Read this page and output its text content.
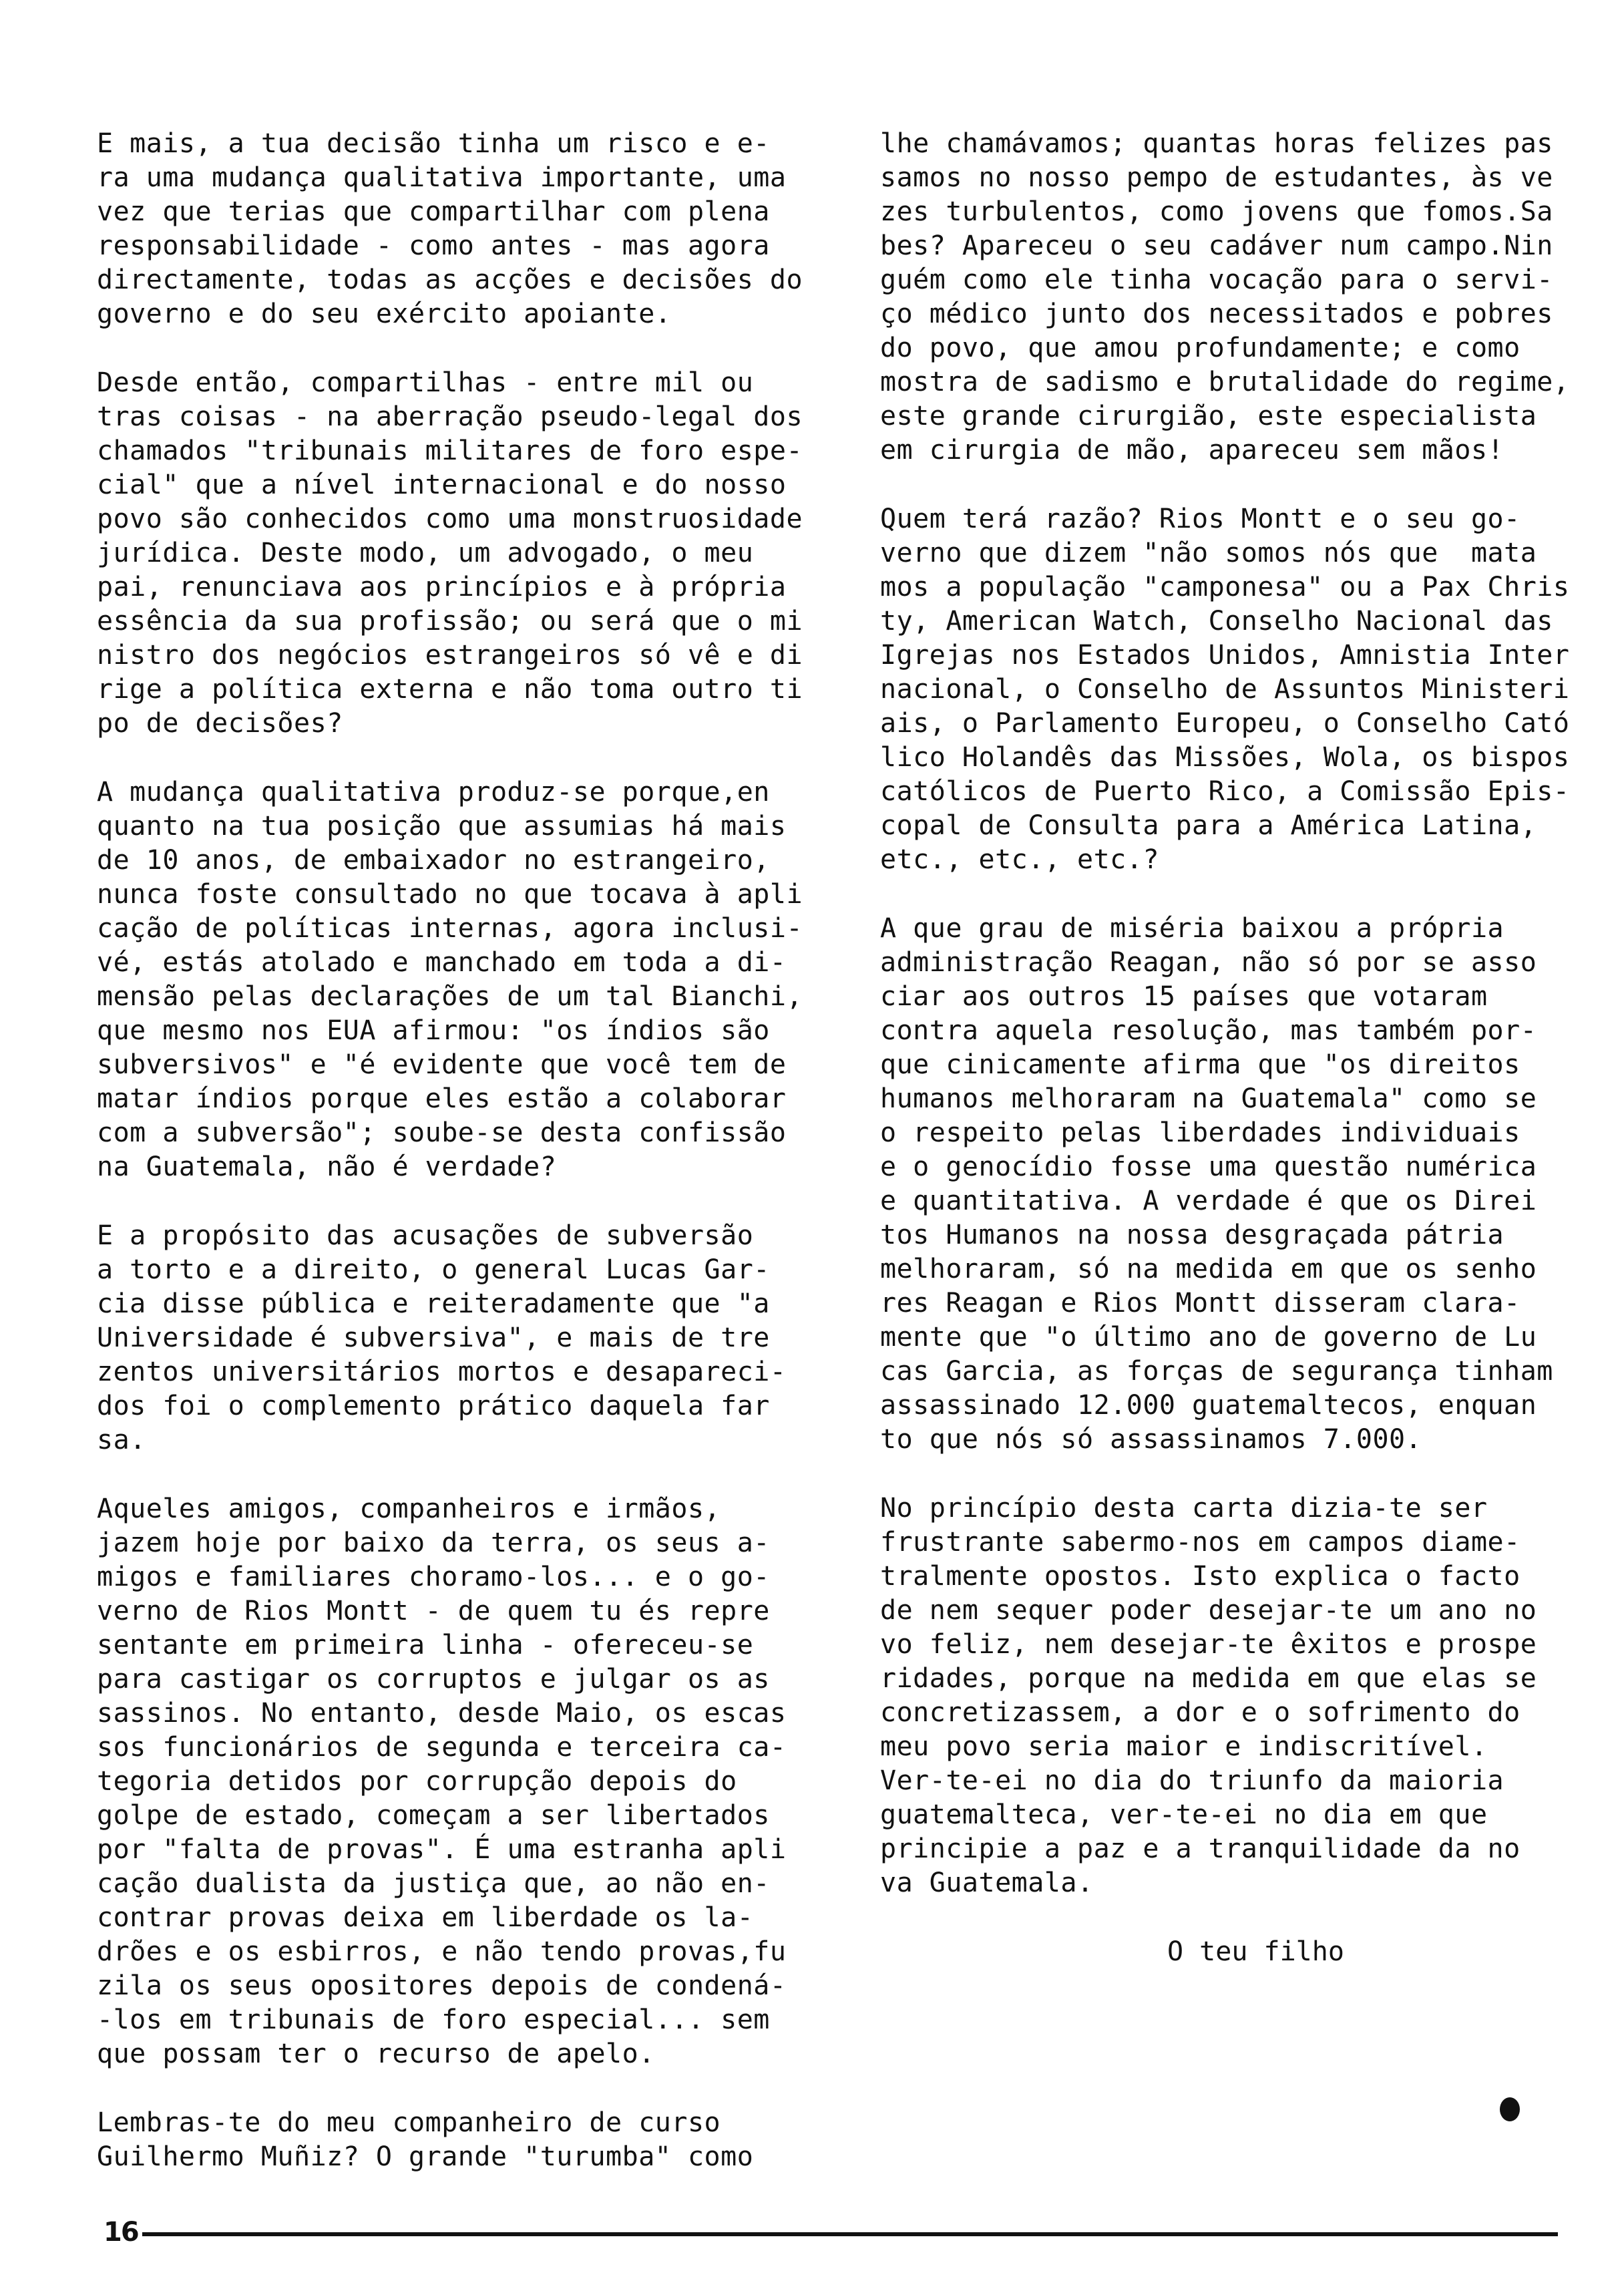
E mais, a tua decisão tinha um risco e e-
ra uma mudança qualitativa importante, uma
vez que terias que compartilhar com plena
responsabilidade - como antes - mas agora
directamente, todas as acções e decisões do
governo e do seu exército apoiante.

Desde então, compartilhas - entre mil ou
tras coisas - na aberração pseudo-legal dos
chamados "tribunais militares de foro espe-
cial" que a nível internacional e do nosso
povo são conhecidos como uma monstruosidade
jurídica. Deste modo, um advogado, o meu
pai, renunciava aos princípios e à própria
essência da sua profissão; ou será que o mi
nistro dos negócios estrangeiros só vê e di
rige a política externa e não toma outro ti
po de decisões?

A mudança qualitativa produz-se porque,en
quanto na tua posição que assumias há mais
de 10 anos, de embaixador no estrangeiro,
nunca foste consultado no que tocava à apli
cação de políticas internas, agora inclusi-
vé, estás atolado e manchado em toda a di-
mensão pelas declarações de um tal Bianchi,
que mesmo nos EUA afirmou: "os índios são
subversivos" e "é evidente que você tem de
matar índios porque eles estão a colaborar
com a subversão"; soube-se desta confissão
na Guatemala, não é verdade?

E a propósito das acusações de subversão
a torto e a direito, o general Lucas Gar-
cia disse pública e reiteradamente que "a
Universidade é subversiva", e mais de tre
zentos universitários mortos e desapareci-
dos foi o complemento prático daquela far
sa.

Aqueles amigos, companheiros e irmãos,
jazem hoje por baixo da terra, os seus a-
migos e familiares choramo-los... e o go-
verno de Rios Montt - de quem tu és repre
sentante em primeira linha - ofereceu-se
para castigar os corruptos e julgar os as
sassinos. No entanto, desde Maio, os escas
sos funcionários de segunda e terceira ca-
tegoria detidos por corrupção depois do
golpe de estado, começam a ser libertados
por "falta de provas". É uma estranha apli
cação dualista da justiça que, ao não en-
contrar provas deixa em liberdade os la-
drões e os esbirros, e não tendo provas,fu
zila os seus opositores depois de condená-
-los em tribunais de foro especial... sem
que possam ter o recurso de apelo.

Lembras-te do meu companheiro de curso
Guilhermo Muñiz? O grande "turumba" como

lhe chamávamos; quantas horas felizes pas
samos no nosso pempo de estudantes, às ve
zes turbulentos, como jovens que fomos.Sa
bes? Apareceu o seu cadáver num campo.Nin
guém como ele tinha vocação para o servi-
ço médico junto dos necessitados e pobres
do povo, que amou profundamente; e como
mostra de sadismo e brutalidade do regime,
este grande cirurgião, este especialista
em cirurgia de mão, apareceu sem mãos!

Quem terá razão? Rios Montt e o seu go-
verno que dizem "não somos nós que  mata
mos a população "camponesa" ou a Pax Chris
ty, American Watch, Conselho Nacional das
Igrejas nos Estados Unidos, Amnistia Inter
nacional, o Conselho de Assuntos Ministeri
ais, o Parlamento Europeu, o Conselho Cató
lico Holandês das Missões, Wola, os bispos
católicos de Puerto Rico, a Comissão Epis-
copal de Consulta para a América Latina,
etc., etc., etc.?

A que grau de miséria baixou a própria
administração Reagan, não só por se asso
ciar aos outros 15 países que votaram
contra aquela resolução, mas também por-
que cinicamente afirma que "os direitos
humanos melhoraram na Guatemala" como se
o respeito pelas liberdades individuais
e o genocídio fosse uma questão numérica
e quantitativa. A verdade é que os Direi
tos Humanos na nossa desgraçada pátria
melhoraram, só na medida em que os senho
res Reagan e Rios Montt disseram clara-
mente que "o último ano de governo de Lu
cas Garcia, as forças de segurança tinham
assassinado 12.000 guatemaltecos, enquan
to que nós só assassinamos 7.000.

No princípio desta carta dizia-te ser
frustrante sabermo-nos em campos diame-
tralmente opostos. Isto explica o facto
de nem sequer poder desejar-te um ano no
vo feliz, nem desejar-te êxitos e prospe
ridades, porque na medida em que elas se
concretizassem, a dor e o sofrimento do
meu povo seria maior e indiscritível.
Ver-te-ei no dia do triunfo da maioria
guatemalteca, ver-te-ei no dia em que
principie a paz e a tranquilidade da no
va Guatemala.

O teu filho

16
